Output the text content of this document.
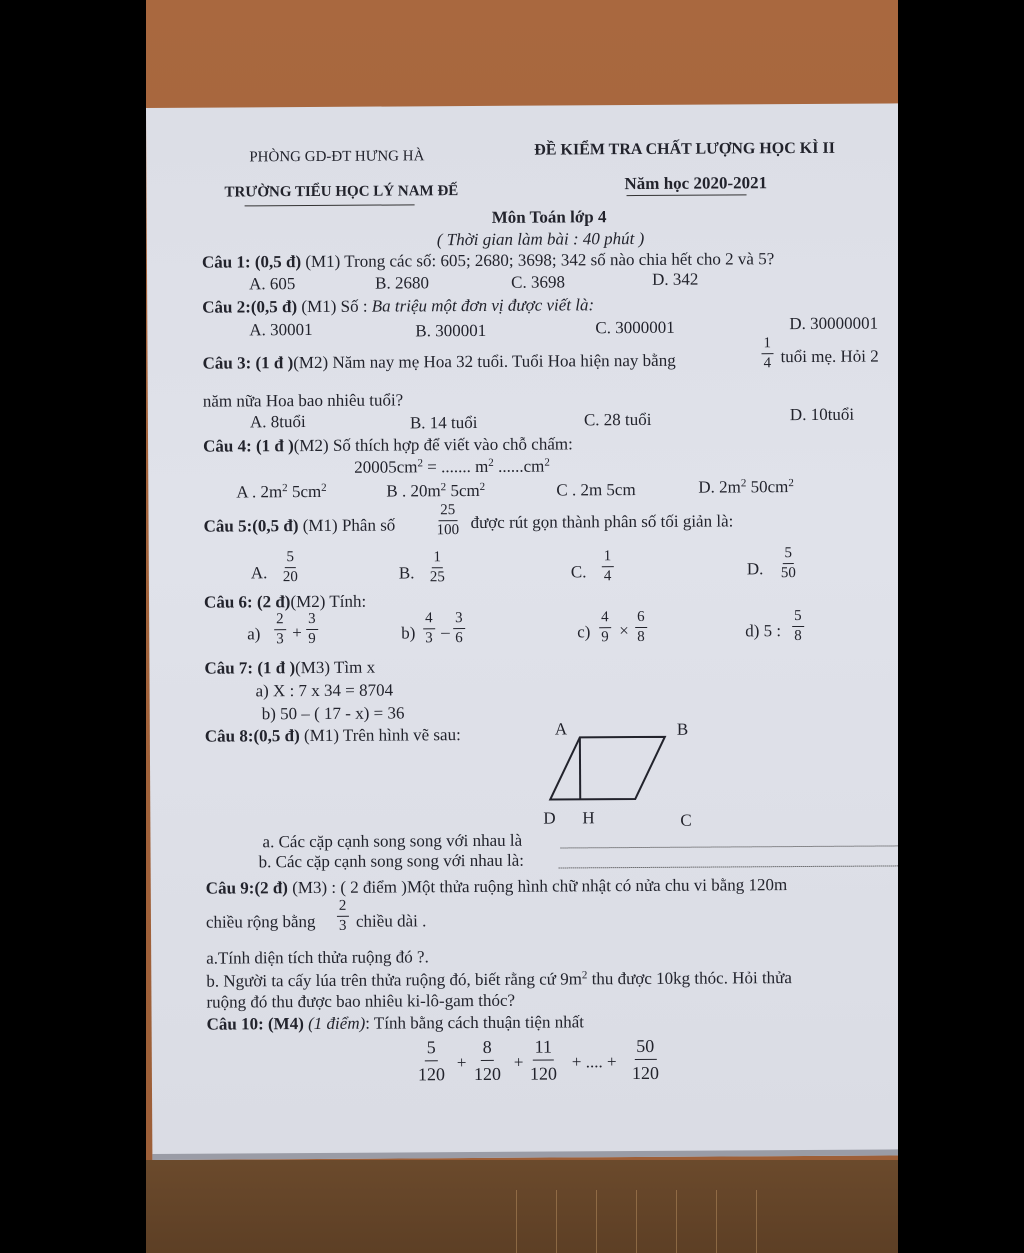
PHÒNG GD-ĐT HƯNG HÀ	ĐỀ KIỂM TRA CHẤT LƯỢNG HỌC KÌ II
TRƯỜNG TIỂU HỌC LÝ NAM ĐẾ	Năm học 2020-2021
Môn Toán lớp 4
( Thời gian làm bài : 40 phút )
Câu 1: (0,5 đ) (M1) Trong các số: 605; 2680; 3698; 342 số nào chia hết cho 2 và 5?
A. 605	B. 2680	C. 3698	D. 342
Câu 2:(0,5 đ) (M1) Số : Ba triệu một đơn vị được viết là:
A. 30001	B. 300001	C. 3000001	D. 30000001
Câu 3: (1 đ )(M2) Năm nay mẹ Hoa 32 tuổi. Tuổi Hoa hiện nay bằng	$\frac{1}{4}$ tuổi mẹ. Hỏi 2
năm nữa Hoa bao nhiêu tuổi?
A. 8tuổi	B. 14 tuổi	C. 28 tuổi	D. 10tuổi
Câu 4: (1 đ )(M2) Số thích hợp để viết vào chỗ chấm:
$20005cm^2$ = ....... $m^2$ $......cm^2$
A . $2m^2$ $5cm^2$	B . $20m^2$ $5cm^2$	C . 2m 5cm	D. $2m^2$ $50cm^2$
Câu 5:(0,5 đ) (M1) Phân số	$\frac{25}{100}$ được rút gọn thành phân số tối giản là:
A. $\frac{5}{20}$	B. $\frac{1}{25}$	C. $\frac{1}{4}$	D. $\frac{5}{50}$
Câu 6: (2 đ)(M2) Tính:
$a) \frac{2}{3} + \frac{3}{9}$	$b) \frac{4}{3} - \frac{3}{6}$	$c) \frac{4}{9} \times \frac{6}{8}$	d) 5 : $\frac{5}{8}$
Câu 7: (1 đ )(M3) Tìm x
a) X : 7 x 34 = 8704
b) 50 – ( 17 - x) = 36
Câu 8:(0,5 đ) (M1) Trên hình vẽ sau:	A	B
D H	C
a. Các cặp cạnh song song với nhau là
b. Các cặp cạnh song song với nhau là:
Câu 9:(2 đ) (M3) : ( 2 điểm )Một thửa ruộng hình chữ nhật có nửa chu vi bằng 120m
chiều rộng bằng $\frac{2}{3}$ chiều dài .
a.Tính diện tích thửa ruộng đó ?.
b. Người ta cấy lúa trên thửa ruộng đó, biết rằng cứ $9m^2$ thu được 10kg thóc. Hỏi thửa
ruộng đó thu được bao nhiêu ki-lô-gam thóc?
Câu 10: (M4) (1 điểm): Tính bằng cách thuận tiện nhất
$\frac{5}{120} + \frac{8}{120} + \frac{11}{120}$ + .... + $\frac{50}{120}$
